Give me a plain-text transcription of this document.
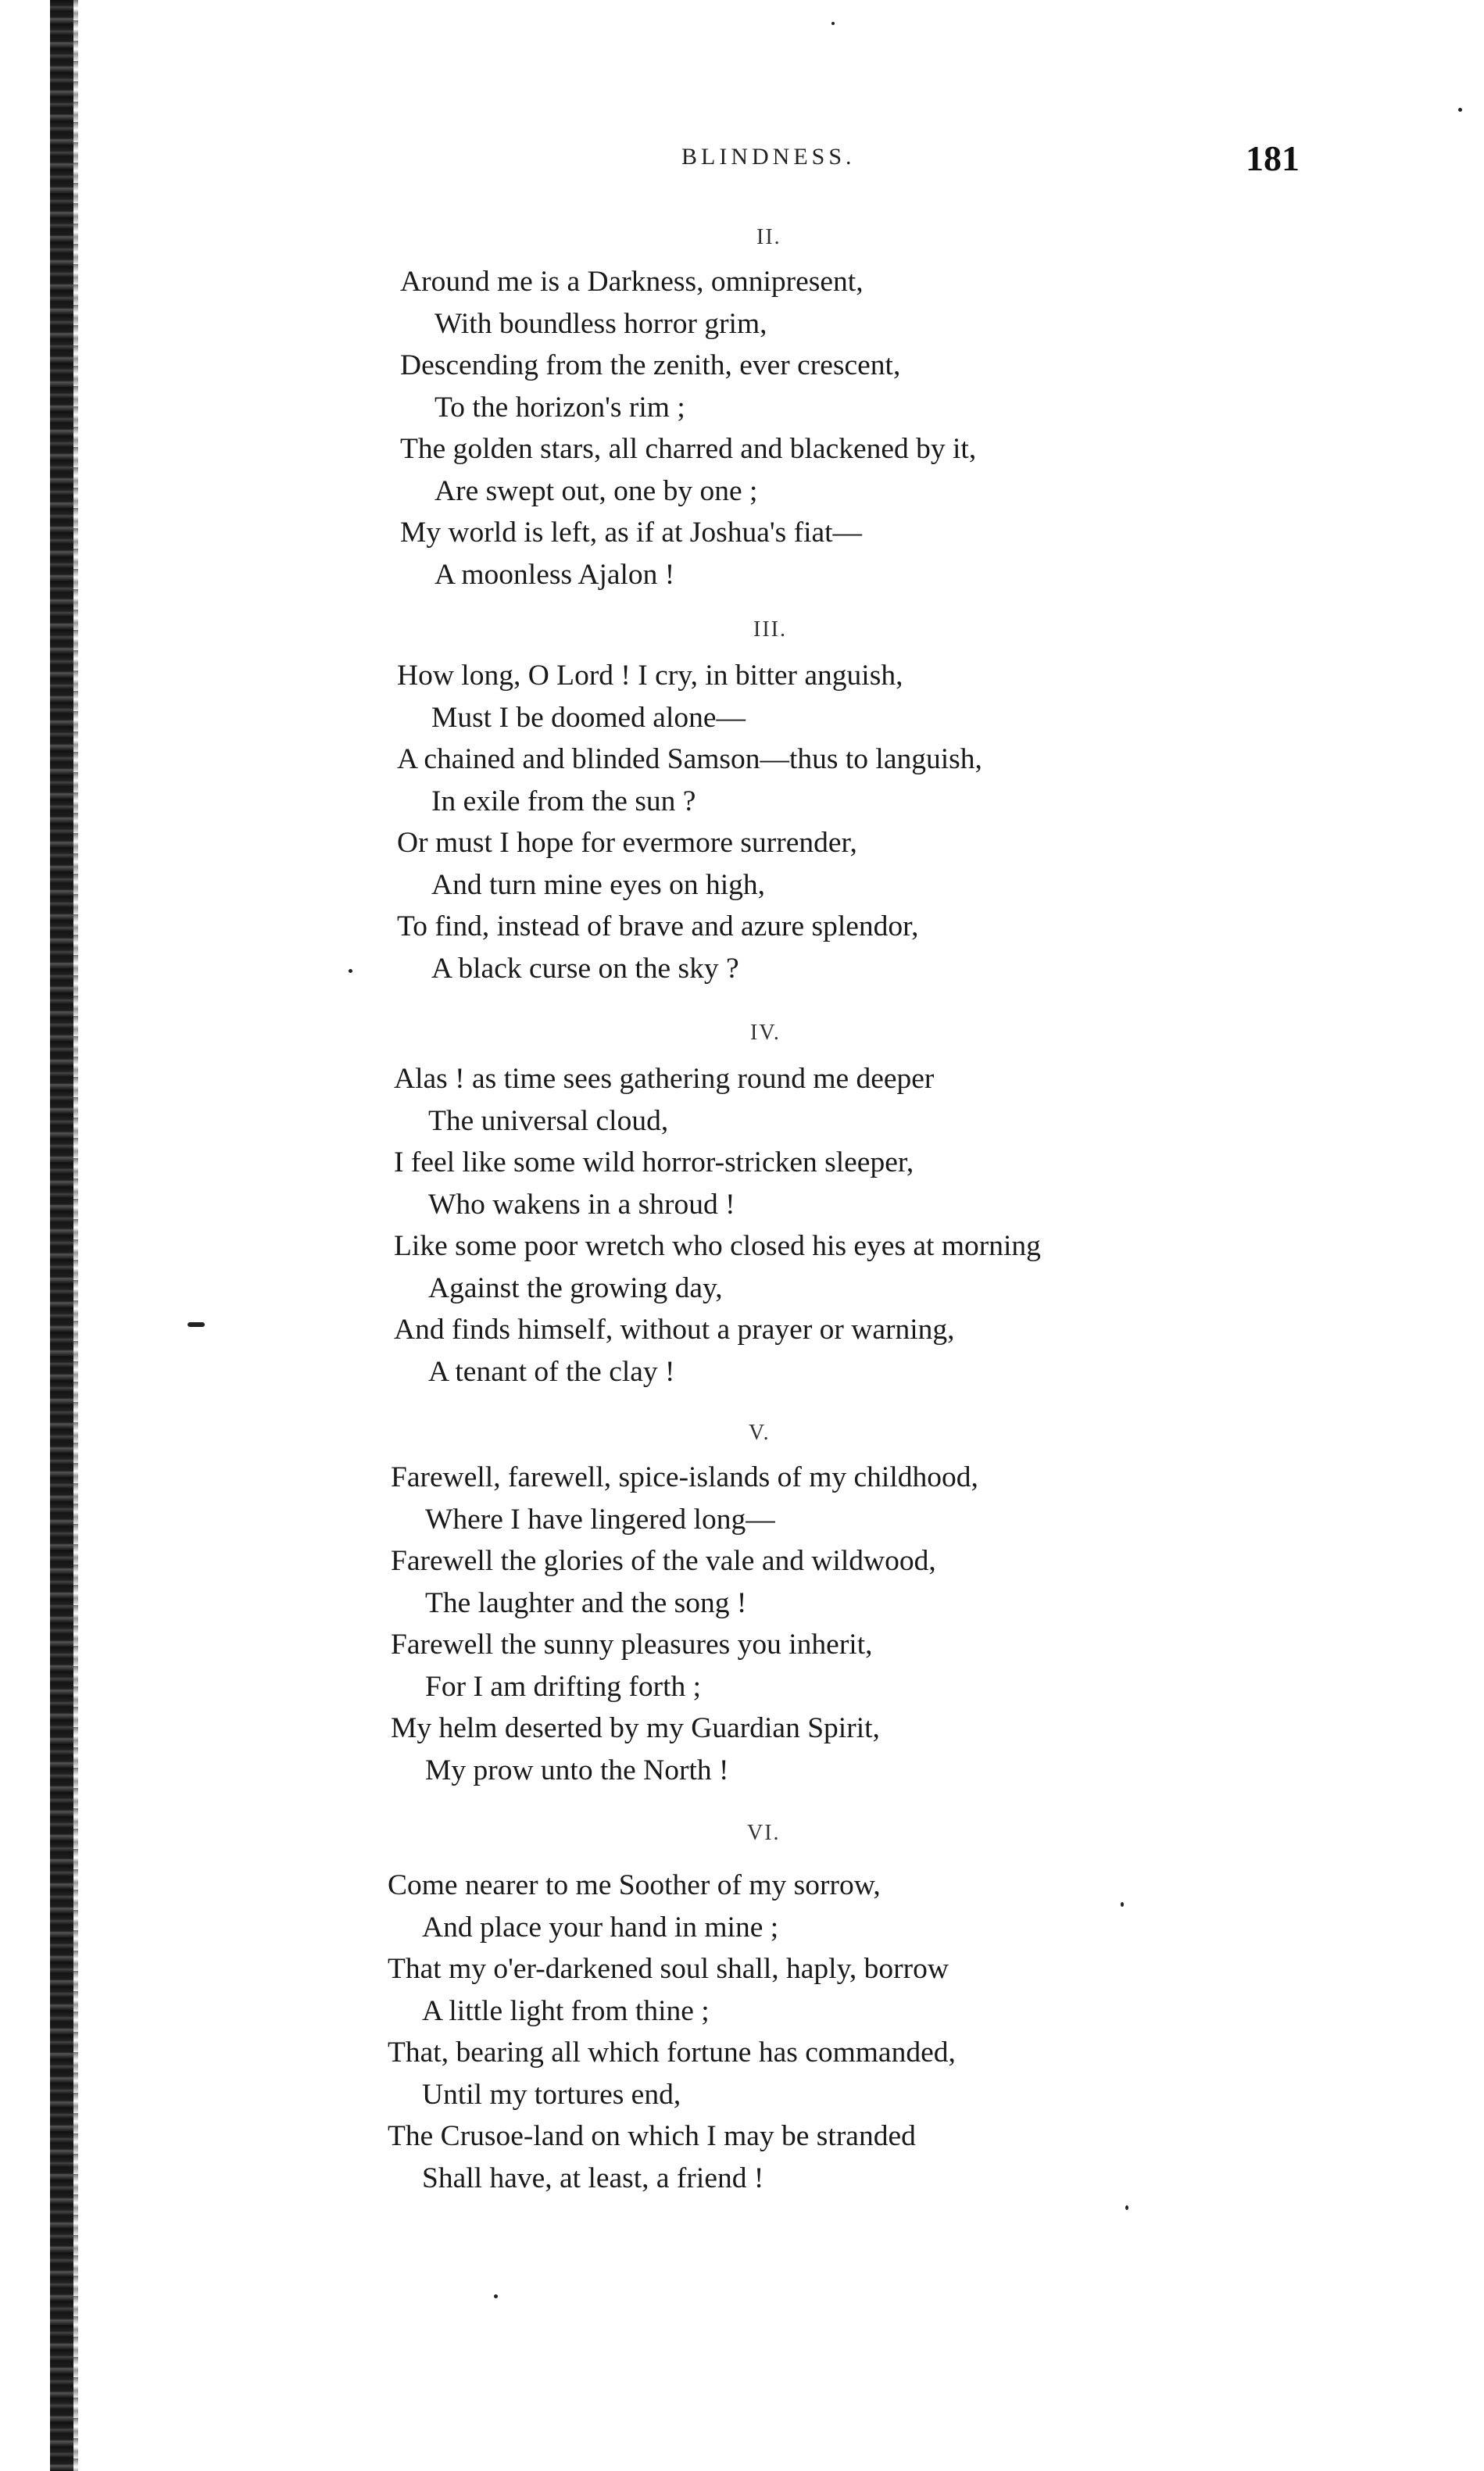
BLINDNESS.	181
II.
Around me is a Darkness, omnipresent,
With boundless horror grim,
Descending from the zenith, ever crescent,
To the horizon's rim ;
The golden stars, all charred and blackened by it,
Are swept out, one by one ;
My world is left, as if at Joshua's fiat—
A moonless Ajalon !
III.
How long, O Lord ! I cry, in bitter anguish,
Must I be doomed alone—
A chained and blinded Samson—thus to languish,
In exile from the sun ?
Or must I hope for evermore surrender,
And turn mine eyes on high,
To find, instead of brave and azure splendor,
A black curse on the sky ?
IV.
Alas ! as time sees gathering round me deeper
The universal cloud,
I feel like some wild horror-stricken sleeper,
Who wakens in a shroud !
Like some poor wretch who closed his eyes at morning
Against the growing day,
And finds himself, without a prayer or warning,
A tenant of the clay !
V.
Farewell, farewell, spice-islands of my childhood,
Where I have lingered long—
Farewell the glories of the vale and wildwood,
The laughter and the song !
Farewell the sunny pleasures you inherit,
For I am drifting forth ;
My helm deserted by my Guardian Spirit,
My prow unto the North !
VI.
Come nearer to me Soother of my sorrow,
And place your hand in mine ;
That my o'er-darkened soul shall, haply, borrow
A little light from thine ;
That, bearing all which fortune has commanded,
Until my tortures end,
The Crusoe-land on which I may be stranded
Shall have, at least, a friend !
